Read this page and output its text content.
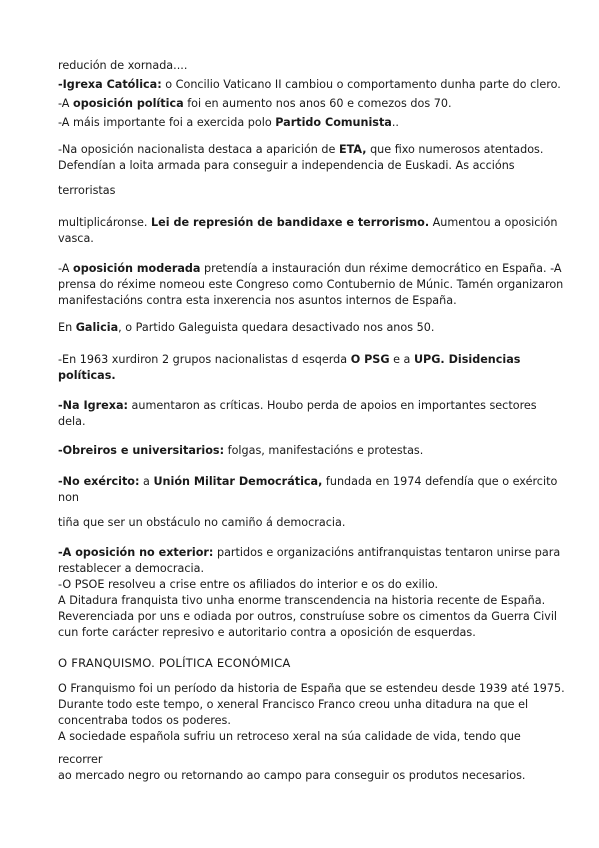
redución de xornada....
-Igrexa Católica: o Concilio Vaticano II cambiou o comportamento dunha parte do clero.
-A oposición política foi en aumento nos anos 60 e comezos dos 70.
-A máis importante foi a exercida polo Partido Comunista..

-Na oposición nacionalista destaca a aparición de ETA, que fixo numerosos atentados.
Defendían a loita armada para conseguir a independencia de Euskadi. As accións

terroristas

multiplicáronse. Lei de represión de bandidaxe e terrorismo. Aumentou a oposición
vasca.

-A oposición moderada pretendía a instauración dun réxime democrático en España. -A
prensa do réxime nomeou este Congreso como Contubernio de Múnic. Tamén organizaron
manifestacións contra esta inxerencia nos asuntos internos de España.

En Galicia, o Partido Galeguista quedara desactivado nos anos 50.

-En 1963 xurdiron 2 grupos nacionalistas d esqerda O PSG e a UPG. Disidencias
políticas.

-Na Igrexa: aumentaron as críticas. Houbo perda de apoios en importantes sectores
dela.

-Obreiros e universitarios: folgas, manifestacións e protestas.

-No exército: a Unión Militar Democrática, fundada en 1974 defendía que o exército
non

tiña que ser un obstáculo no camiño á democracia.

-A oposición no exterior: partidos e organizacións antifranquistas tentaron unirse para
restablecer a democracia.
-O PSOE resolveu a crise entre os afiliados do interior e os do exilio.
A Ditadura franquista tivo unha enorme transcendencia na historia recente de España.
Reverenciada por uns e odiada por outros, construíuse sobre os cimentos da Guerra Civil
cun forte carácter represivo e autoritario contra a oposición de esquerdas.

O FRANQUISMO. POLÍTICA ECONÓMICA

O Franquismo foi un período da historia de España que se estendeu desde 1939 até 1975.
Durante todo este tempo, o xeneral Francisco Franco creou unha ditadura na que el
concentraba todos os poderes.
A sociedade española sufriu un retroceso xeral na súa calidade de vida, tendo que

recorrer
ao mercado negro ou retornando ao campo para conseguir os produtos necesarios.
